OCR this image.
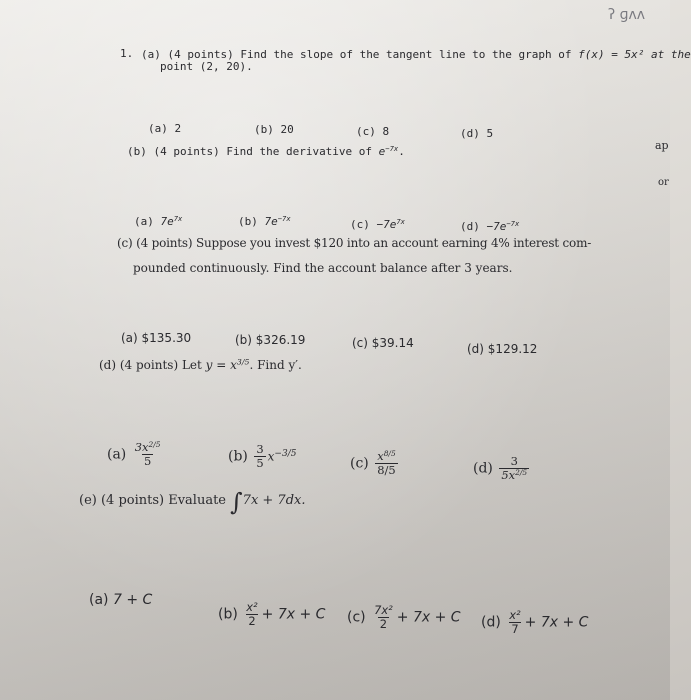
ʔ ɡʌʌ
ap
or
1. (a) (4 points) Find the slope of the tangent line to the graph of f(x) = 5x² at the
point (2, 20).
(a) 2	(b) 20	(c) 8	(d) 5
(b) (4 points) Find the derivative of $e^{-7x}$.
(a) $7e^{7x}$	(b) $7e^{-7x}$	$(c) -7e^{7x}$	$(d) -7e^{-7x}$
(c) (4 points) Suppose you invest $120 into an account earning 4% interest com-
pounded continuously. Find the account balance after 3 years.
(a) $135.30	(b) $326.19	(c) $39.14	(d) $129.12
(d) (4 points) Let $y = x^{3/5}$. Find y′.
$(a) \frac{3x^{2/5}}{5}$	$(b) \frac{3}{5} x^{-3/5}$
$(c) \frac{x^{8/5}}{8/5}$	$(d) \frac{3}{5x^{2/5}}$
(e) (4 points) Evaluate ∫7x + 7dx.
(a) 7 + C
$(b) \frac{\text{x²}}{2} + 7x + C$ $(c) \frac{\text{7x²}}{2} + 7x + C$ $(d) \frac{\text{x²}}{7} + 7x + C$
